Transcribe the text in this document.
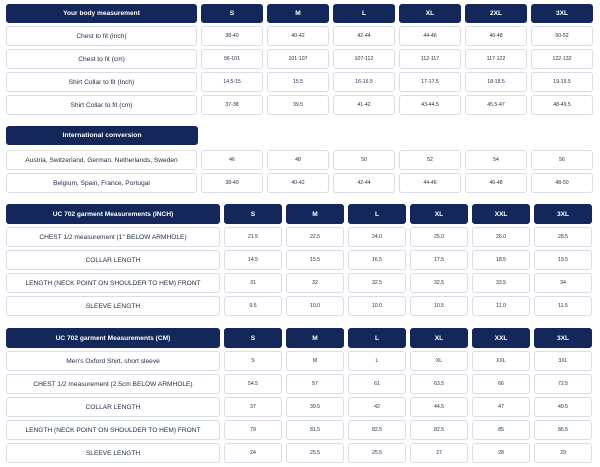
Your body measurement	S	M	L	XL	2XL	3XL
Chest to fit (Inch)	38-40	40-42	42-44	44-46	46-48	50-52
Chest to fit (cm)	96-101	101-107	107-112	112-117	117-122	122-132
Shirt Collar to fit (Inch)	14.5-15	15.5	16-16.5	17-17.5	18-18.5	19-19.5
Shirt Collar to fit (cm)	37-38	39.5	41-42	43-44.5	45.5-47	48-49.5
International conversion
Austria, Switzerland, German, Netherlands, Sweden	46	48	50	52	54	56
Belgium, Spain, France, Portugal	38-40	40-42	42-44	44-46	46-48	48-50
UC 702 garment Measurements (INCH)	S	M	L	XL	XXL	3XL
CHEST 1/2 measurement (1" BELOW ARMHOLE)	21.5	22.5	24.0	25.0	26.0	28.5
COLLAR LENGTH	14.5	15.5	16.5	17.5	18.5	19.5
LENGTH (NECK POINT ON SHOULDER TO HEM) FRONT	31	32	32.5	32.5	33.5	34
SLEEVE LENGTH	9.5	10.0	10.0	10.5	11.0	11.5
UC 702 garment Measurements (CM)	S	M	L	XL	XXL	3XL
Men's Oxford Shirt, short sleeve	S	M	L	XL	XXL	3XL
CHEST 1/2 measurement (2.5cm BELOW ARMHOLE)	54.5	57	61	63.5	66	72.5
COLLAR LENGTH	37	39.5	42	44.5	47	49.5
LENGTH (NECK POINT ON SHOULDER TO HEM) FRONT	79	81.5	82.5	82.5	85	86.5
SLEEVE LENGTH	24	25.5	25.5	27	28	29
